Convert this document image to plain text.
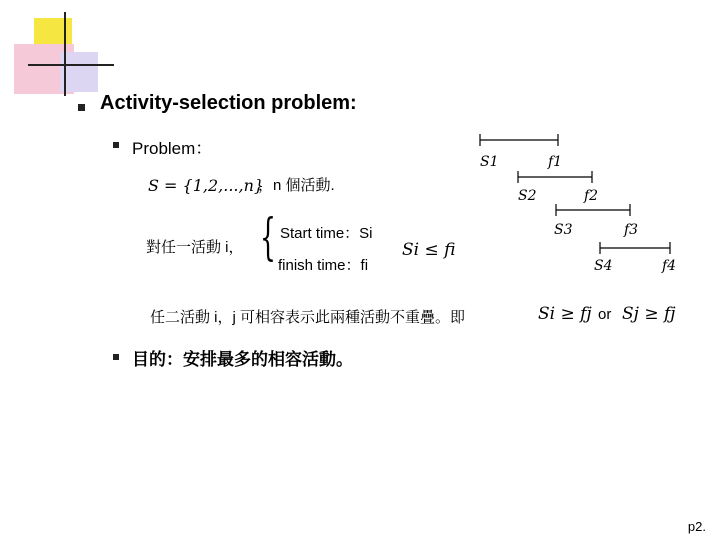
Activity-selection problem:
Problem：
S = {1,2,...,n}
，n 個活動.
對任一活動 i， { Start time：Si
finish time：fi
Si ≤ fi
S1	f1
S2	f2
S3	f3
S4	f4
任二活動 i，j 可相容表示此兩種活動不重疊。即	Si ≥ fj or Sj ≥ fj
目的：安排最多的相容活動。
p2.
